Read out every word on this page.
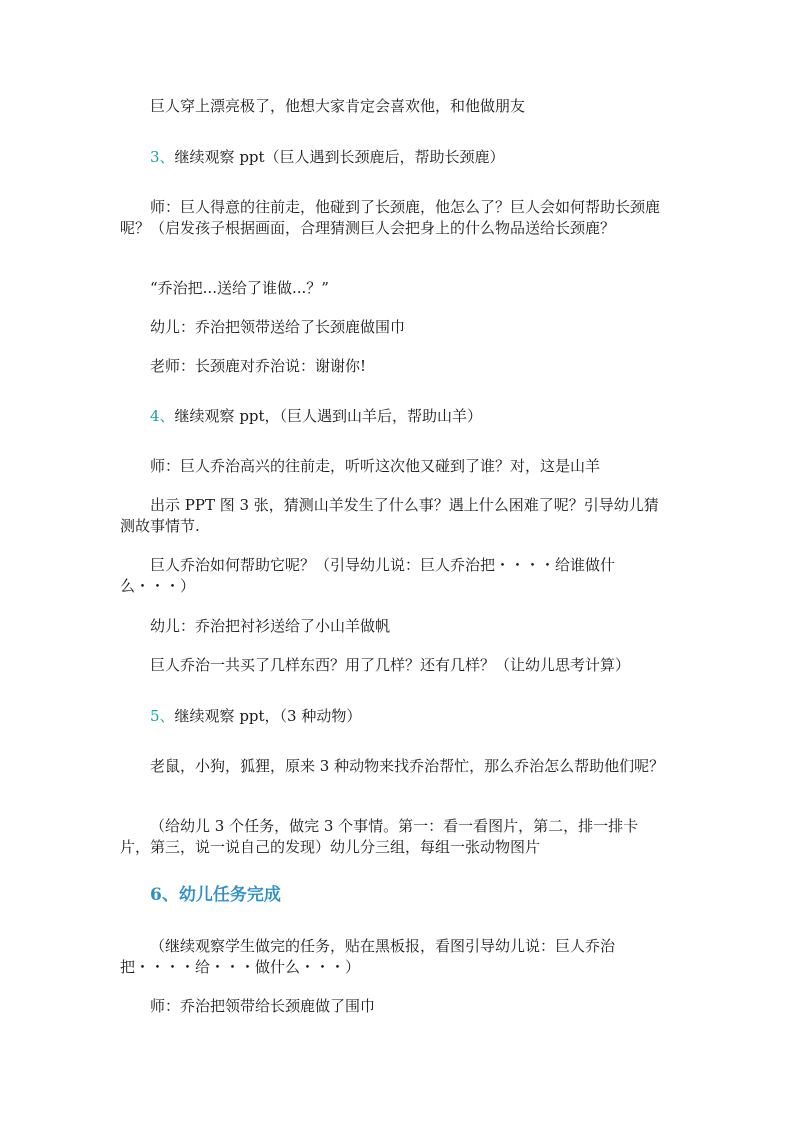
巨人穿上漂亮极了，他想大家肯定会喜欢他，和他做朋友

3、继续观察 ppt（巨人遇到长颈鹿后，帮助长颈鹿）

师：巨人得意的往前走，他碰到了长颈鹿，他怎么了？巨人会如何帮助长颈鹿呢？（启发孩子根据画面，合理猜测巨人会把身上的什么物品送给长颈鹿？

“乔治把...送给了谁做...？”

幼儿：乔治把领带送给了长颈鹿做围巾

老师：长颈鹿对乔治说：谢谢你!

4、继续观察 ppt，（巨人遇到山羊后，帮助山羊）

师：巨人乔治高兴的往前走，听听这次他又碰到了谁？对，这是山羊

出示 PPT 图 3 张，猜测山羊发生了什么事？遇上什么困难了呢？引导幼儿猜测故事情节.

巨人乔治如何帮助它呢？（引导幼儿说：巨人乔治把・・・・给谁做什么・・・）

幼儿：乔治把衬衫送给了小山羊做帆

巨人乔治一共买了几样东西？用了几样？还有几样？（让幼儿思考计算）

5、继续观察 ppt，（3 种动物）

老鼠，小狗，狐狸，原来 3 种动物来找乔治帮忙，那么乔治怎么帮助他们呢？

（给幼儿 3 个任务，做完 3 个事情。第一：看一看图片，第二，排一排卡片，第三，说一说自己的发现）幼儿分三组，每组一张动物图片

6、幼儿任务完成

（继续观察学生做完的任务，贴在黑板报，看图引导幼儿说：巨人乔治把・・・・给・・・做什么・・・）

师：乔治把领带给长颈鹿做了围巾
